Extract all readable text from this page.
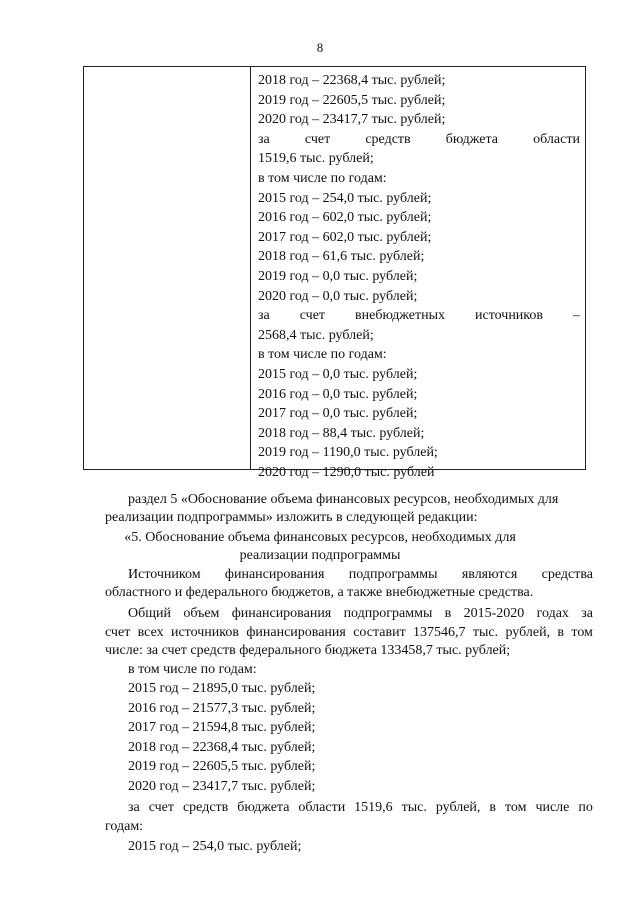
8
2018 год – 22368,4 тыс. рублей;
2019 год – 22605,5 тыс. рублей;
2020 год – 23417,7 тыс. рублей;
за	счет	средств	бюджета	области
1519,6 тыс. рублей;
в том числе по годам:
2015 год – 254,0 тыс. рублей;
2016 год – 602,0 тыс. рублей;
2017 год – 602,0 тыс. рублей;
2018 год – 61,6 тыс. рублей;
2019 год – 0,0 тыс. рублей;
2020 год – 0,0 тыс. рублей;
за счет внебюджетных источников –
2568,4 тыс. рублей;
в том числе по годам:
2015 год – 0,0 тыс. рублей;
2016 год – 0,0 тыс. рублей;
2017 год – 0,0 тыс. рублей;
2018 год – 88,4 тыс. рублей;
2019 год – 1190,0 тыс. рублей;
2020 год – 1290,0 тыс. рублей
раздел 5 «Обоснование объема финансовых ресурсов, необходимых для
реализации подпрограммы» изложить в следующей редакции:
«5. Обоснование объема финансовых ресурсов, необходимых для
реализации подпрограммы
Источником финансирования подпрограммы являются средства
областного и федерального бюджетов, а также внебюджетные средства.
Общий объем финансирования подпрограммы в 2015-2020 годах за
счет всех источников финансирования составит 137546,7 тыс. рублей, в том
числе: за счет средств федерального бюджета 133458,7 тыс. рублей;
в том числе по годам:
2015 год – 21895,0 тыс. рублей;
2016 год – 21577,3 тыс. рублей;
2017 год – 21594,8 тыс. рублей;
2018 год – 22368,4 тыс. рублей;
2019 год – 22605,5 тыс. рублей;
2020 год – 23417,7 тыс. рублей;
за счет средств бюджета области 1519,6 тыс. рублей, в том числе по
годам:
2015 год – 254,0 тыс. рублей;
